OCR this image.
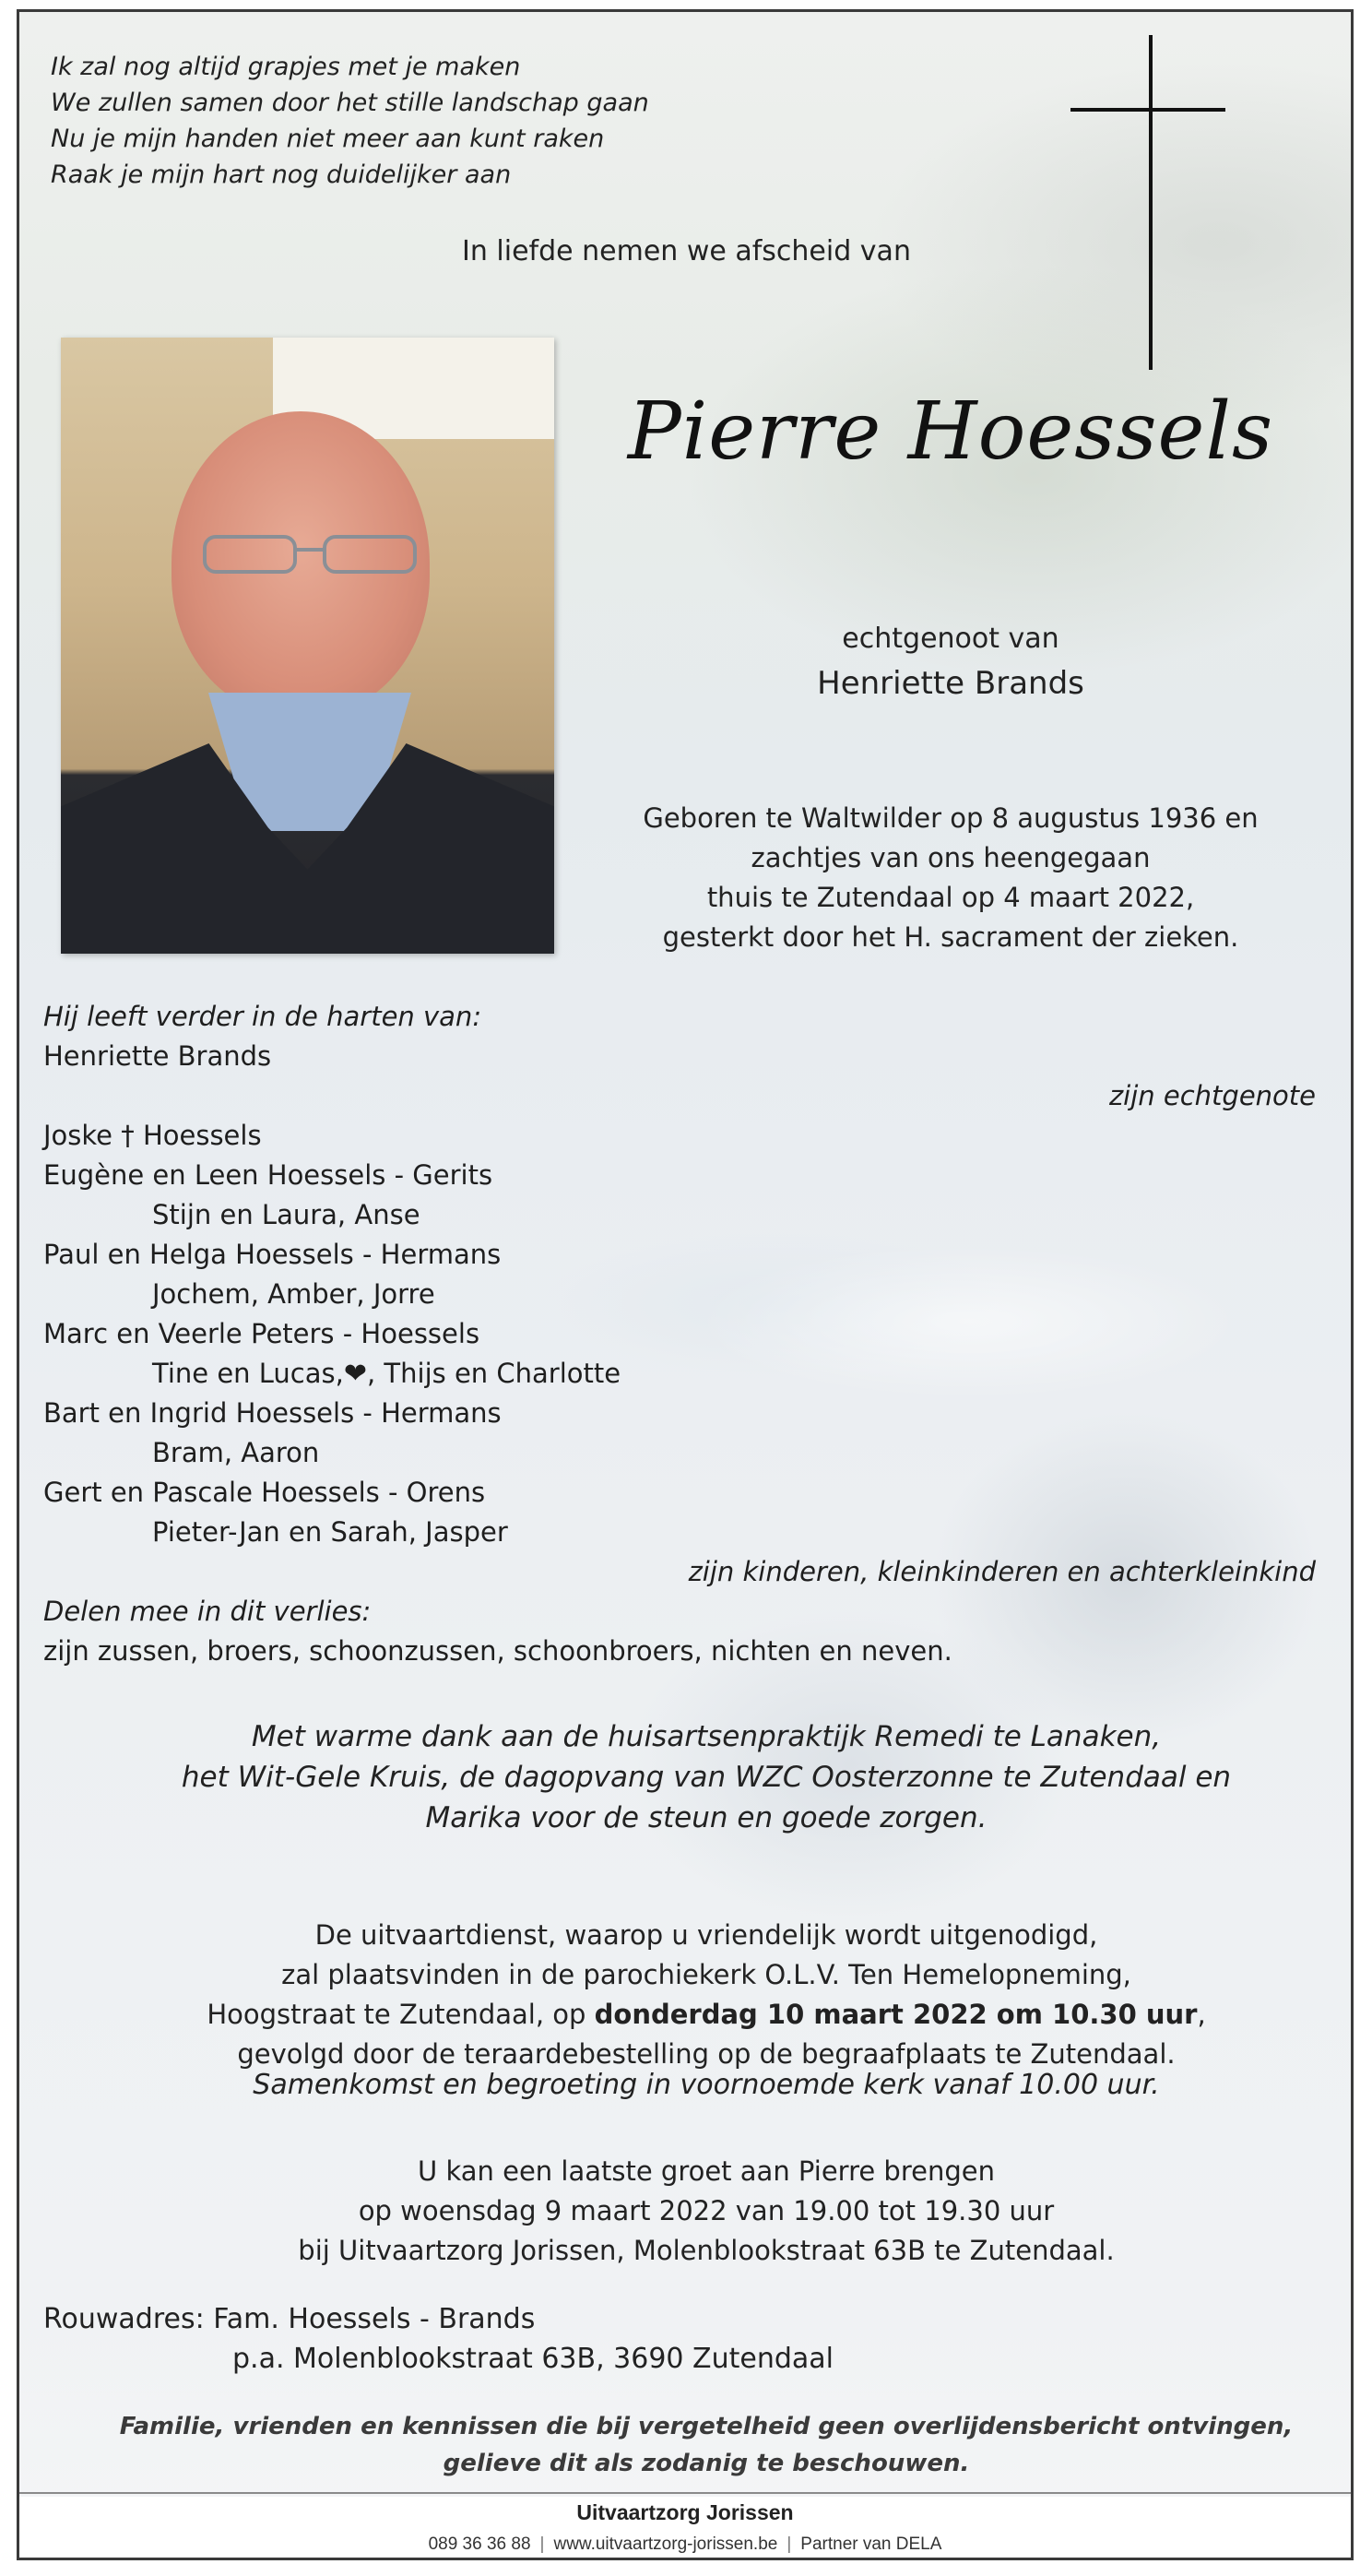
Ik zal nog altijd grapjes met je maken
We zullen samen door het stille landschap gaan
Nu je mijn handen niet meer aan kunt raken
Raak je mijn hart nog duidelijker aan
In liefde nemen we afscheid van
Pierre Hoessels
echtgenoot van
Henriette Brands
Geboren te Waltwilder op 8 augustus 1936 en
zachtjes van ons heengegaan
thuis te Zutendaal op 4 maart 2022,
gesterkt door het H. sacrament der zieken.
Hij leeft verder in de harten van:
Henriette Brands
zijn echtgenote
Joske † Hoessels
Eugène en Leen Hoessels - Gerits
Stijn en Laura, Anse
Paul en Helga Hoessels - Hermans
Jochem, Amber, Jorre
Marc en Veerle Peters - Hoessels
Tine en Lucas,❤, Thijs en Charlotte
Bart en Ingrid Hoessels - Hermans
Bram, Aaron
Gert en Pascale Hoessels - Orens
Pieter-Jan en Sarah, Jasper
zijn kinderen, kleinkinderen en achterkleinkind
Delen mee in dit verlies:
zijn zussen, broers, schoonzussen, schoonbroers, nichten en neven.
Met warme dank aan de huisartsenpraktijk Remedi te Lanaken,
het Wit-Gele Kruis, de dagopvang van WZC Oosterzonne te Zutendaal en
Marika voor de steun en goede zorgen.
De uitvaartdienst, waarop u vriendelijk wordt uitgenodigd,
zal plaatsvinden in de parochiekerk O.L.V. Ten Hemelopneming,
Hoogstraat te Zutendaal, op donderdag 10 maart 2022 om 10.30 uur,
gevolgd door de teraardebestelling op de begraafplaats te Zutendaal.
Samenkomst en begroeting in voornoemde kerk vanaf 10.00 uur.
U kan een laatste groet aan Pierre brengen
op woensdag 9 maart 2022 van 19.00 tot 19.30 uur
bij Uitvaartzorg Jorissen, Molenblookstraat 63B te Zutendaal.
Rouwadres: Fam. Hoessels - Brands
p.a. Molenblookstraat 63B, 3690 Zutendaal
Familie, vrienden en kennissen die bij vergetelheid geen overlijdensbericht ontvingen,
gelieve dit als zodanig te beschouwen.
Uitvaartzorg Jorissen
089 36 36 88 | www.uitvaartzorg-jorissen.be | Partner van DELA
